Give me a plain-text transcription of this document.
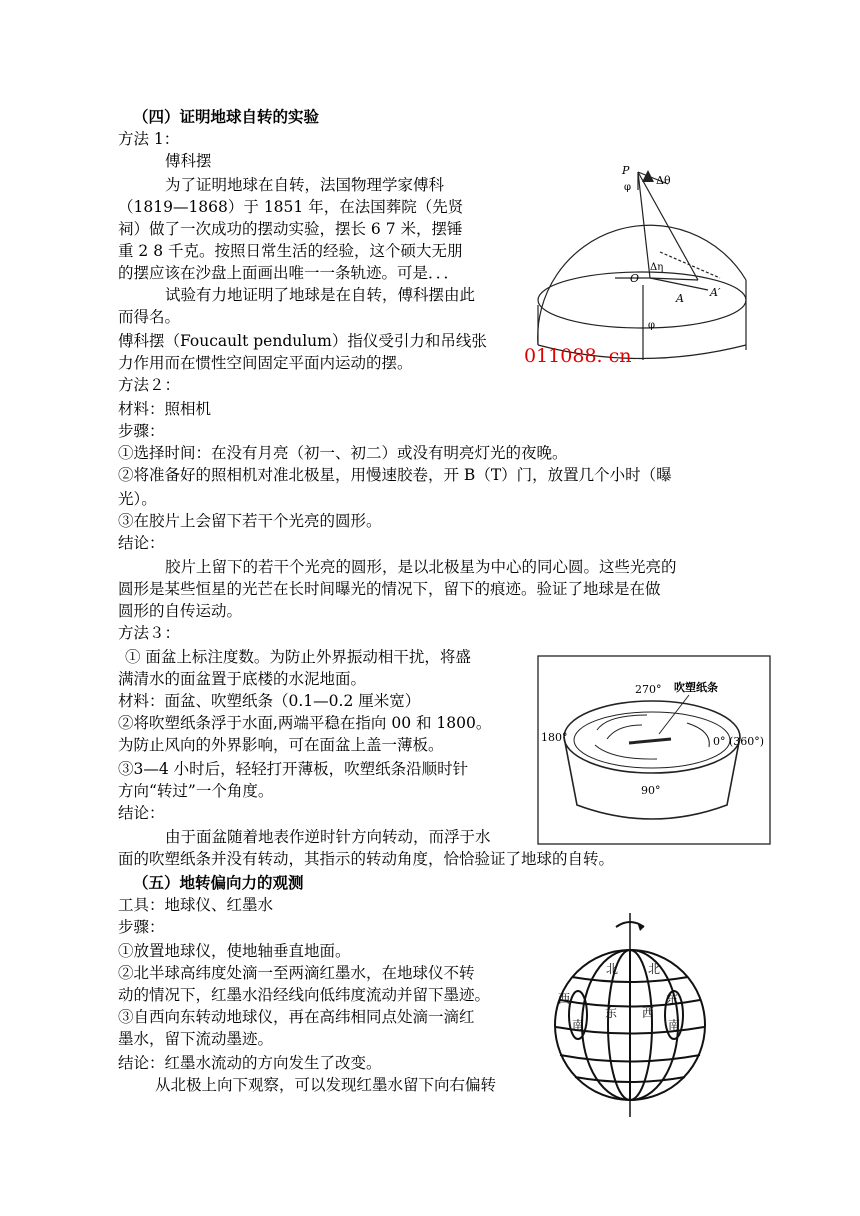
（四）证明地球自转的实验
方法 1：
傅科摆
为了证明地球在自转，法国物理学家傅科
（1819—1868）于 1851 年，在法国葬院（先贤
祠）做了一次成功的摆动实验，摆长 6 7 米，摆锤
重 2 8 千克。按照日常生活的经验，这个硕大无朋
的摆应该在沙盘上面画出唯一一条轨迹。可是．．．
试验有力地证明了地球是在自转，傅科摆由此
而得名。
傅科摆（Foucault pendulum）指仪受引力和吊线张
力作用而在惯性空间固定平面内运动的摆。
P
φ
Δθ
O
Δη
A A′
φ
011088. cn
方法２：
材料：照相机
步骤：
①选择时间：在没有月亮（初一、初二）或没有明亮灯光的夜晚。
②将准备好的照相机对准北极星，用慢速胶卷，开 B（T）门，放置几个小时（曝
光）。
③在胶片上会留下若干个光亮的圆形。
结论：
胶片上留下的若干个光亮的圆形，是以北极星为中心的同心圆。这些光亮的
圆形是某些恒星的光芒在长时间曝光的情况下，留下的痕迹。验证了地球是在做
圆形的自传运动。
方法３：
① 面盆上标注度数。为防止外界振动相干扰，将盛
满清水的面盆置于底楼的水泥地面。
材料：面盆、吹塑纸条（0.1—0.2 厘米宽）
②将吹塑纸条浮于水面,两端平稳在指向 00 和 1800。
为防止风向的外界影响，可在面盆上盖一薄板。
③3—4 小时后，轻轻打开薄板，吹塑纸条沿顺时针
方向“转过”一个角度。
结论：
由于面盆随着地表作逆时针方向转动，而浮于水
面的吹塑纸条并没有转动，其指示的转动角度，恰恰验证了地球的自转。
270° 吹塑纸条
180°	0° (360°)
90°
（五）地转偏向力的观测
工具：地球仪、红墨水
步骤：
①放置地球仪，使地轴垂直地面。
②北半球高纬度处滴一至两滴红墨水，在地球仪不转
动的情况下，红墨水沿经线向低纬度流动并留下墨迹。
③自西向东转动地球仪，再在高纬相同点处滴一滴红
墨水，留下流动墨迹。
结论：红墨水流动的方向发生了改变。
从北极上向下观察，可以发现红墨水留下向右偏转
北 北
西	东
东 西
南	南
